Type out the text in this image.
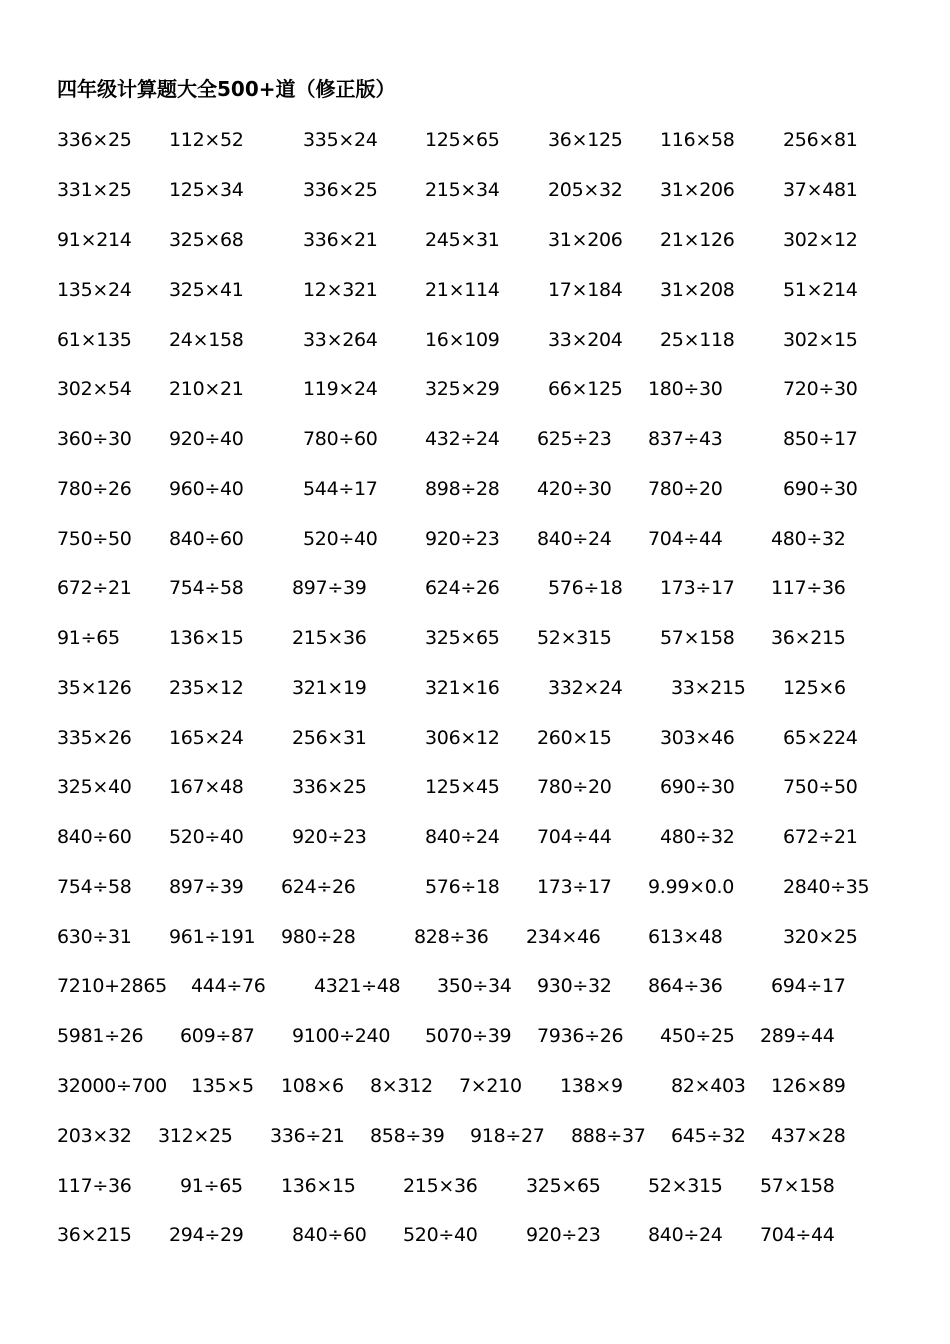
四年级计算题大全500+道（修正版）
336×25 112×52	335×24 125×65	36×125 116×58	256×81
331×25 125×34	336×25 215×34	205×32 31×206	37×481
91×214 325×68	336×21 245×31	31×206 21×126	302×12
135×24 325×41	12×321 21×114	17×184 31×208	51×214
61×135 24×158	33×264 16×109	33×204 25×118	302×15
302×54 210×21	119×24 325×29	66×125 180÷30	720÷30
360÷30 920÷40	780÷60 432÷24 625÷23 837÷43	850÷17
780÷26 960÷40	544÷17 898÷28 420÷30 780÷20	690÷30
750÷50 840÷60	520÷40 920÷23 840÷24 704÷44	480÷32
672÷21 754÷58	897÷39	624÷26	576÷18 173÷17 117÷36
91÷65	136×15	215×36	325×65 52×315	57×158 36×215
35×126 235×12	321×19	321×16	332×24	33×215 125×6
335×26 165×24	256×31	306×12 260×15	303×46	65×224
325×40 167×48	336×25	125×45 780÷20	690÷30	750÷50
840÷60 520÷40	920÷23	840÷24 704÷44	480÷32	672÷21
754÷58 897÷39 624÷26	576÷18 173÷17 9.99×0.0	2840÷35
630÷31 961÷191 980÷28	828÷36 234×46 613×48	320×25
7210+2865 444÷76	4321÷48 350÷34 930÷32 864÷36	694÷17
5981÷26 609÷87 9100÷240 5070÷39 7936÷26 450÷25 289÷44
32000÷700 135×5 108×6 8×312 7×210 138×9	82×403 126×89
203×32 312×25 336÷21 858÷39 918÷27 888÷37 645÷32 437×28
117÷36	91÷65 136×15 215×36	325×65 52×315 57×158
36×215 294÷29	840÷60 520÷40	920÷23 840÷24 704÷44
